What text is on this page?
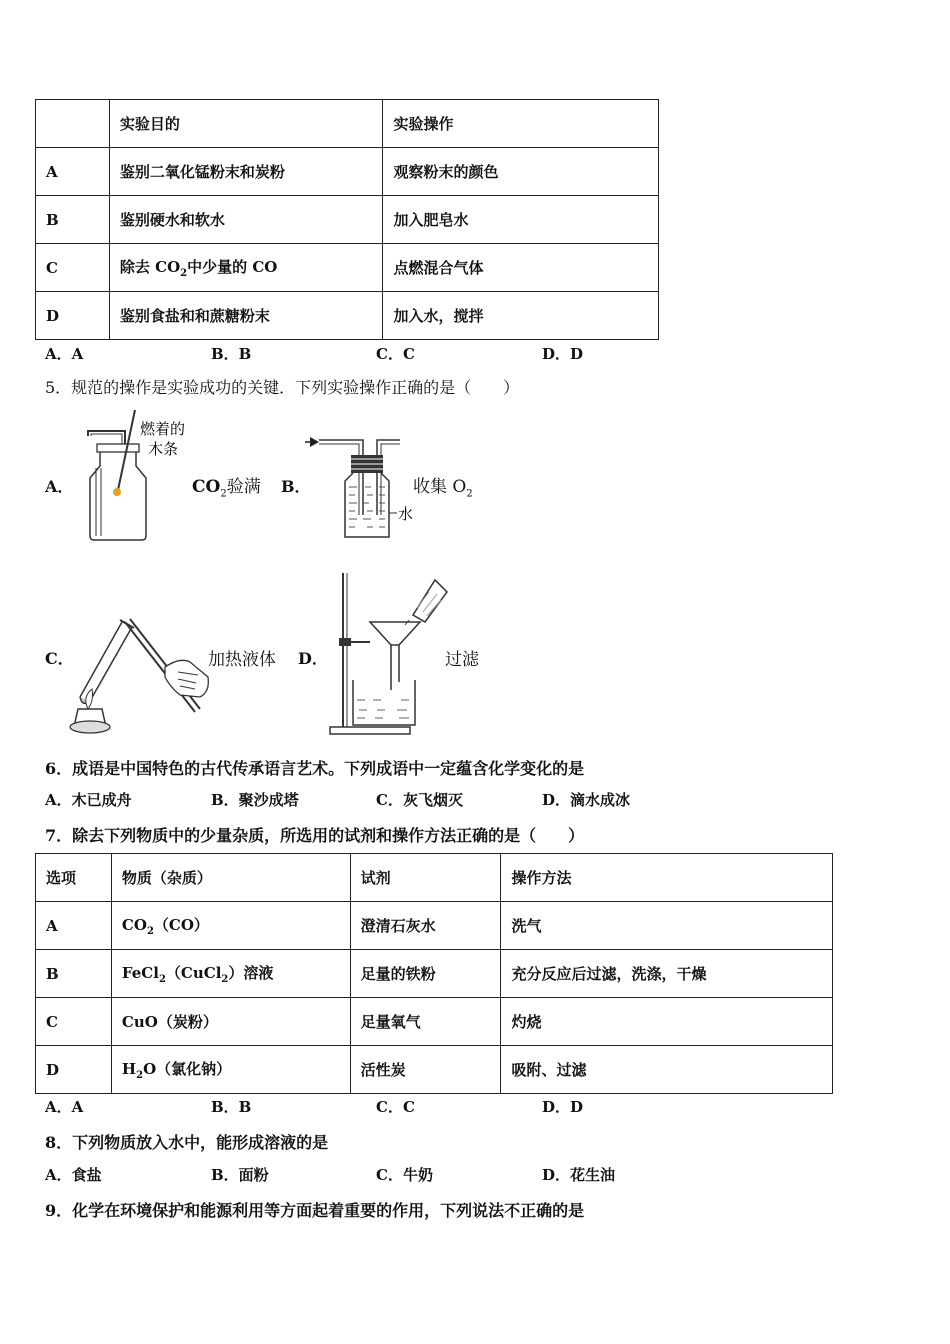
	实验目的	实验操作
A	鉴别二氧化锰粉末和炭粉	观察粉末的颜色
B	鉴别硬水和软水	加入肥皂水
C	除去 $CO_2$中少量的 CO	点燃混合气体
D	鉴别食盐和和蔗糖粉末	加入水，搅拌
A．A	B．B	C．C	D．D
5．规范的操作是实验成功的关键．下列实验操作正确的是（　　）
A．
燃着的
木条
$CO_2$验满 B．
水
收集 $O_2$
C．	加热液体 D．	过滤
6．成语是中国特色的古代传承语言艺术。下列成语中一定蕴含化学变化的是
A．木已成舟	B．聚沙成塔	C．灰飞烟灭	D．滴水成冰
7．除去下列物质中的少量杂质，所选用的试剂和操作方法正确的是（　　）
选项	物质（杂质）	试剂	操作方法
A	$CO_2(CO)$	澄清石灰水	洗气
B	FeCl$_2$（CuCl$_2$）溶液	足量的铁粉	充分反应后过滤，洗涤，干燥
C	CuO（炭粉）	足量氧气	灼烧
D	$H_2O$（氯化钠）	活性炭	吸附、过滤
A．A	B．B	C．C	D．D
8．下列物质放入水中，能形成溶液的是
A．食盐	B．面粉	C．牛奶	D．花生油
9．化学在环境保护和能源利用等方面起着重要的作用，下列说法不正确的是
